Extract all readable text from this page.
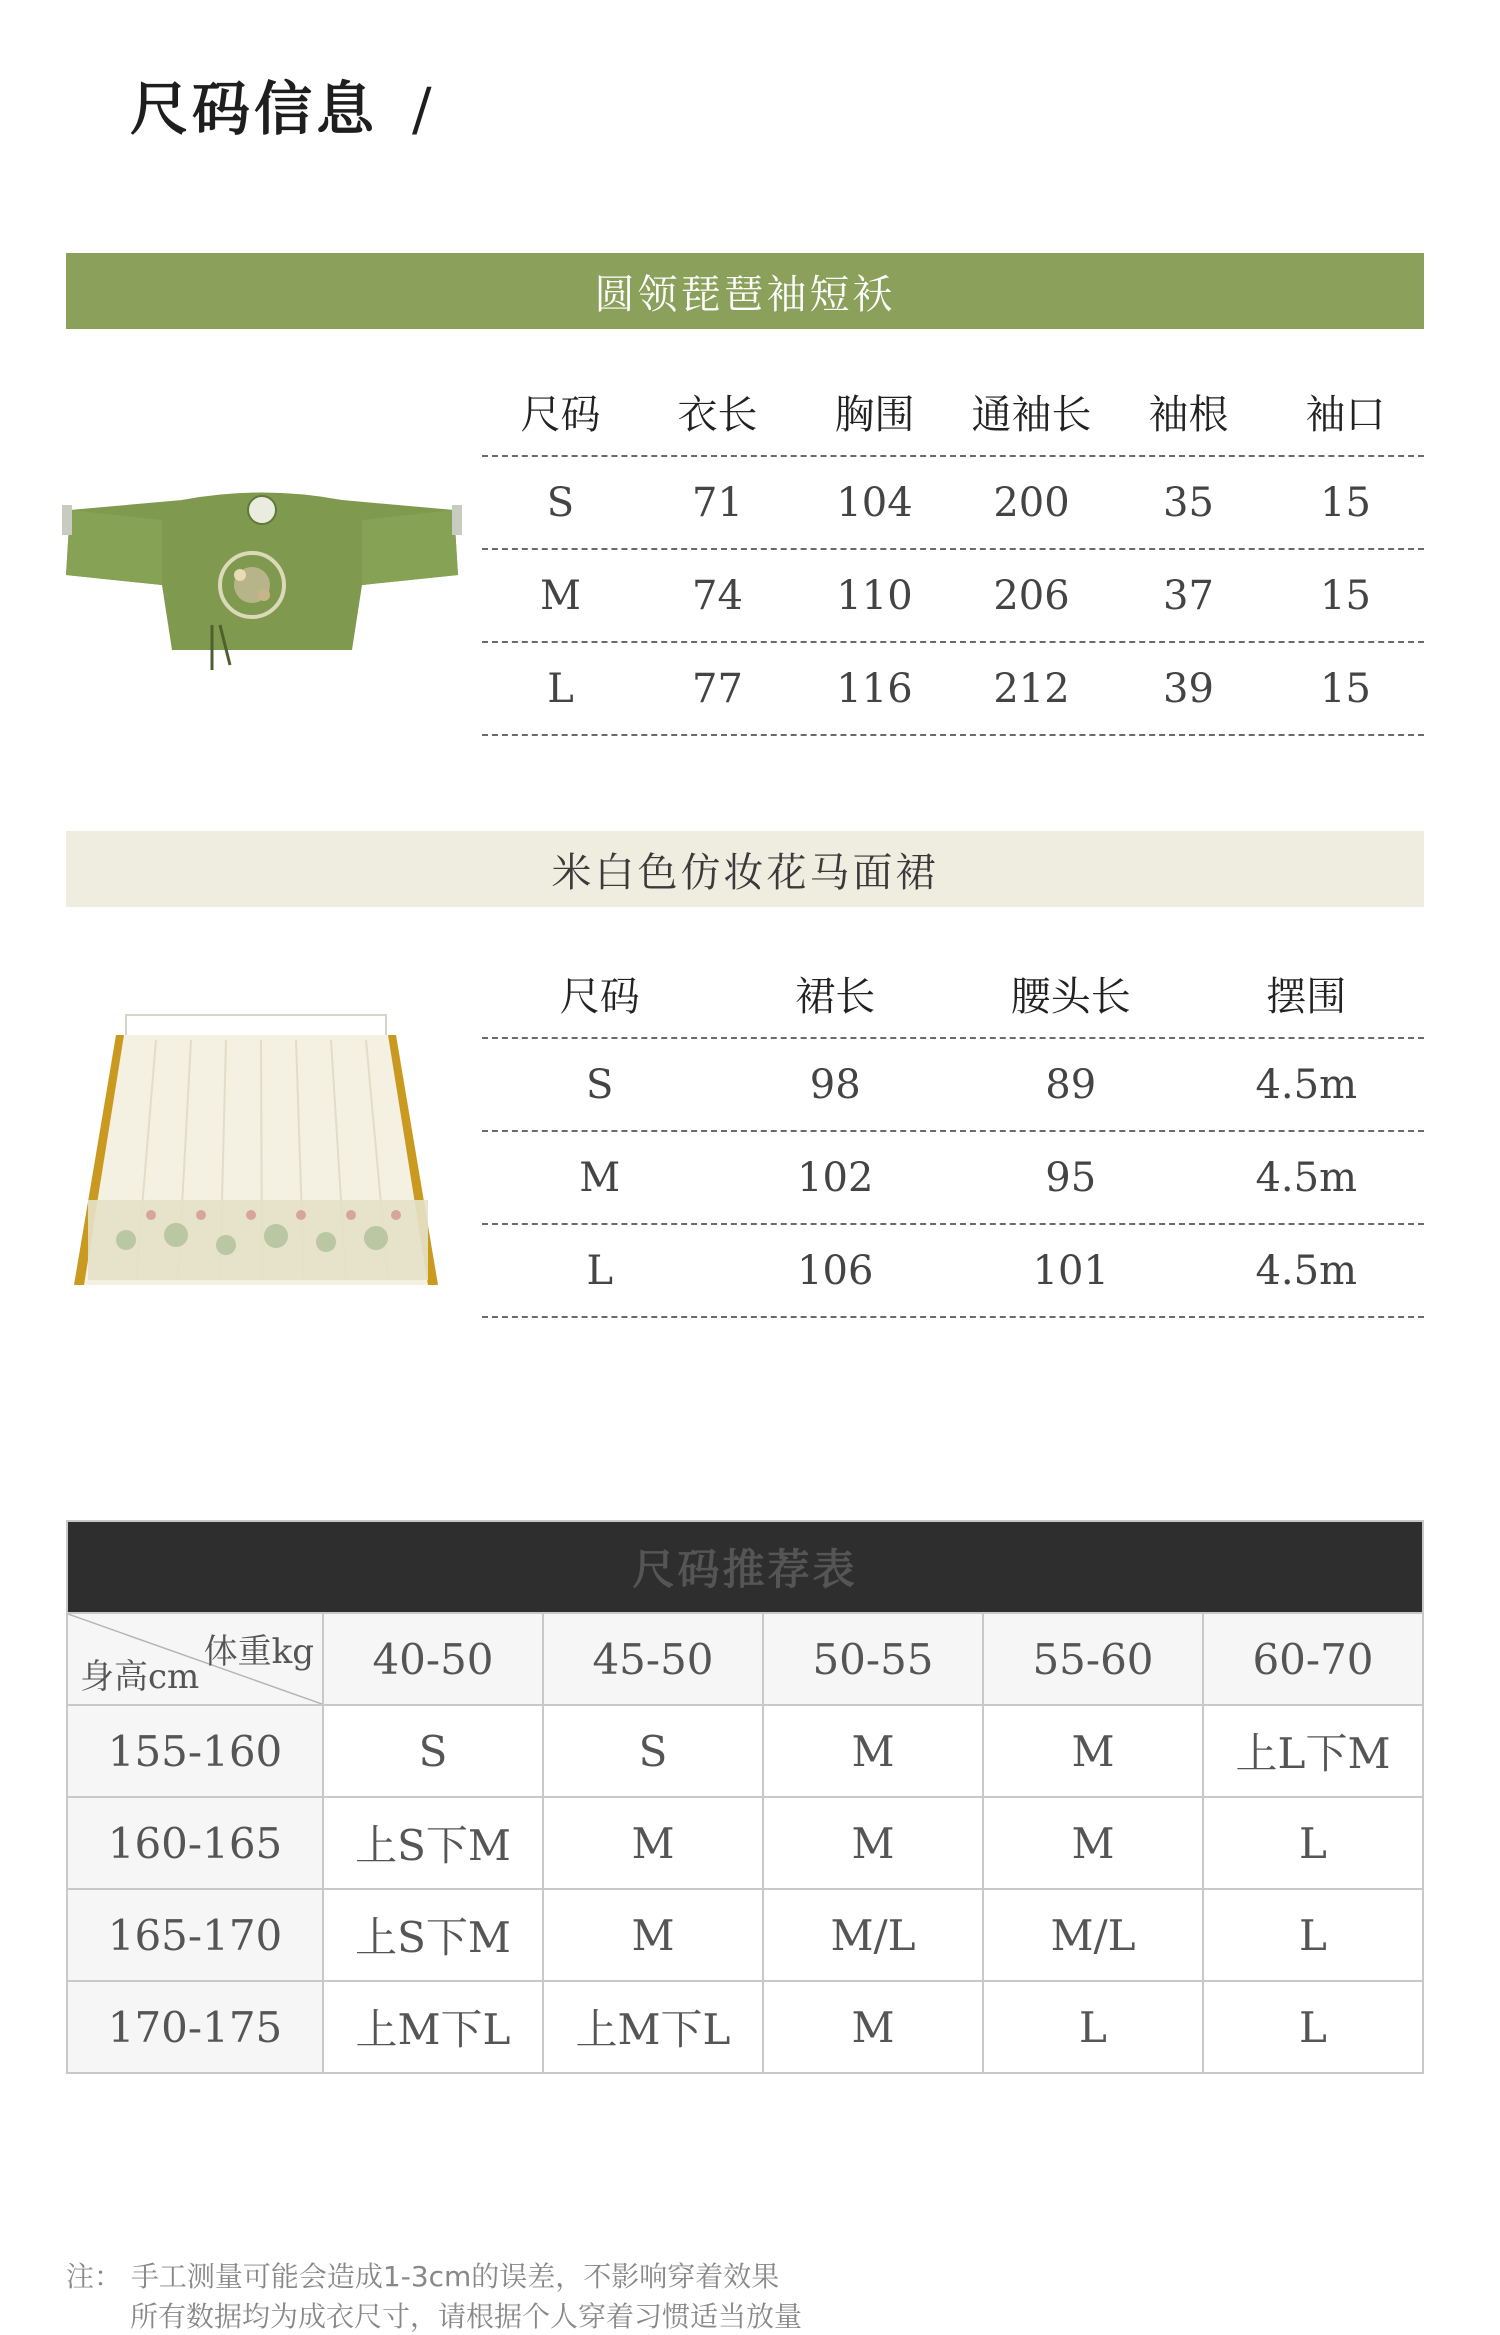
尺码信息 /
圆领琵琶袖短袄
尺码	衣长	胸围	通袖长	袖根	袖口
S	71	104	200	35	15
M	74	110	206	37	15
L	77	116	212	39	15
米白色仿妆花马面裙
尺码	裙长	腰头长	摆围
S	98	89	4.5m
M	102	95	4.5m
L	106	101	4.5m
尺码推荐表					

体重kg
身高cm	40-50	45-50	50-55	55-60	60-70
155-160	S	S	M	M	上L下M
160-165	上S下M	M	M	M	L
165-170	上S下M	M	M/L	M/L	L
170-175	上M下L	上M下L	M	L	L
注： 手工测量可能会造成1-3cm的误差，不影响穿着效果
所有数据均为成衣尺寸，请根据个人穿着习惯适当放量
